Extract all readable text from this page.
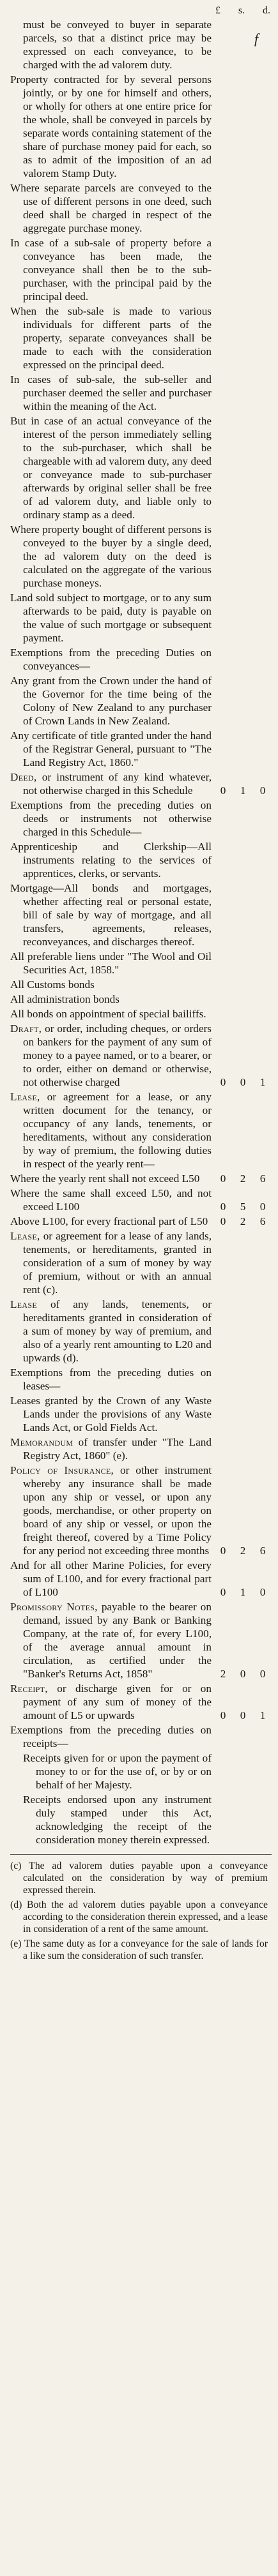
£ s. d.
must be conveyed to buyer in separate parcels, so that a distinct price may be expressed on each conveyance, to be charged with the ad valorem duty.
Property contracted for by several persons jointly, or by one for himself and others, or wholly for others at one entire price for the whole, shall be conveyed in parcels by separate words containing statement of the share of purchase money paid for each, so as to admit of the imposition of an ad valorem Stamp Duty.
Where separate parcels are conveyed to the use of different persons in one deed, such deed shall be charged in respect of the aggregate purchase money.
In case of a sub-sale of property before a conveyance has been made, the conveyance shall then be to the sub-purchaser, with the principal paid by the principal deed.
When the sub-sale is made to various individuals for different parts of the property, separate conveyances shall be made to each with the consideration expressed on the principal deed.
In cases of sub-sale, the sub-seller and purchaser deemed the seller and purchaser within the meaning of the Act.
But in case of an actual conveyance of the interest of the person immediately selling to the sub-purchaser, which shall be chargeable with ad valorem duty, any deed or conveyance made to sub-purchaser afterwards by original seller shall be free of ad valorem duty, and liable only to ordinary stamp as a deed.
Where property bought of different persons is conveyed to the buyer by a single deed, the ad valorem duty on the deed is calculated on the aggregate of the various purchase moneys.
Land sold subject to mortgage, or to any sum afterwards to be paid, duty is payable on the value of such mortgage or subsequent payment.
Exemptions from the preceding Duties on conveyances—
Any grant from the Crown under the hand of the Governor for the time being of the Colony of New Zealand to any purchaser of Crown Lands in New Zealand.
Any certificate of title granted under the hand of the Registrar General, pursuant to "The Land Registry Act, 1860."
Deed, or instrument of any kind whatever, not otherwise charged in this Schedule	0	1	0
Exemptions from the preceding duties on deeds or instruments not otherwise charged in this Schedule—
Apprenticeship and Clerkship—All instruments relating to the services of apprentices, clerks, or servants.
Mortgage—All bonds and mortgages, whether affecting real or personal estate, bill of sale by way of mortgage, and all transfers, agreements, releases, reconveyances, and discharges thereof.
All preferable liens under "The Wool and Oil Securities Act, 1858."
All Customs bonds
All administration bonds
All bonds on appointment of special bailiffs.
Draft, or order, including cheques, or orders on bankers for the payment of any sum of money to a payee named, or to a bearer, or to order, either on demand or otherwise, not otherwise charged	0	0	1
Lease, or agreement for a lease, or any written document for the tenancy, or occupancy of any lands, tenements, or hereditaments, without any consideration by way of premium, the following duties in respect of the yearly rent—
Where the yearly rent shall not exceed L50	0	2	6
Where the same shall exceed L50, and not exceed L100	0	5	0
Above L100, for every fractional part of L50	0	2	6
Lease, or agreement for a lease of any lands, tenements, or hereditaments, granted in consideration of a sum of money by way of premium, without or with an annual rent (c).
Lease of any lands, tenements, or hereditaments granted in consideration of a sum of money by way of premium, and also of a yearly rent amounting to L20 and upwards (d).
Exemptions from the preceding duties on leases—
Leases granted by the Crown of any Waste Lands under the provisions of any Waste Lands Act, or Gold Fields Act.
Memorandum of transfer under "The Land Registry Act, 1860" (e).
Policy of Insurance, or other instrument whereby any insurance shall be made upon any ship or vessel, or upon any goods, merchandise, or other property on board of any ship or vessel, or upon the freight thereof, covered by a Time Policy for any period not exceeding three months	0	2	6
And for all other Marine Policies, for every sum of L100, and for every fractional part of L100	0	1	0
Promissory Notes, payable to the bearer on demand, issued by any Bank or Banking Company, at the rate of, for every L100, of the average annual amount in circulation, as certified under the "Banker's Returns Act, 1858"	2	0	0
Receipt, or discharge given for or on payment of any sum of money of the amount of L5 or upwards	0	0	1
Exemptions from the preceding duties on receipts—
Receipts given for or upon the payment of money to or for the use of, or by or on behalf of her Majesty.
Receipts endorsed upon any instrument duly stamped under this Act, acknowledging the receipt of the consideration money therein expressed.
(c) The ad valorem duties payable upon a conveyance calculated on the consideration by way of premium expressed therein.
(d) Both the ad valorem duties payable upon a conveyance according to the consideration therein expressed, and a lease in consideration of a rent of the same amount.
(e) The same duty as for a conveyance for the sale of lands for a like sum the consideration of such transfer.
f
